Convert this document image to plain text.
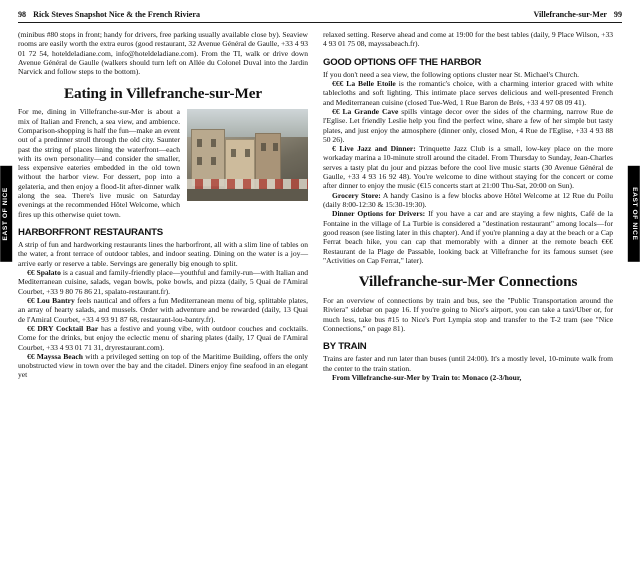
98 Rick Steves Snapshot Nice & the French Riviera	Villefranche-sur-Mer 99
EAST OF NICE	EAST OF NICE

(minibus #80 stops in front; handy for drivers, free parking usually available close by). Seaview rooms are easily worth the extra euros (good restaurant, 32 Avenue Général de Gaulle, +33 4 93 01 72 54, hoteldeladiane.com, info@hoteldeladiane.com). From the TI, walk or drive down Avenue Général de Gaulle (walkers should turn left on Allée du Colonel Duval into the Jardin Narvick and follow steps to the bottom).

Eating in Villefranche-sur-Mer

For me, dining in Villefranche-sur-Mer is about a mix of Italian and French, a sea view, and ambience. Comparison-shopping is half the fun—make an event out of a predinner stroll through the old city. Saunter past the string of places lining the waterfront—each with its own personality—and consider the smaller, less expensive eateries embedded in the old town without the harbor view. For dessert, pop into a gelateria, and then enjoy a flood-lit after-dinner walk along the sea. There's live music on Saturday evenings at the recommended Hôtel Welcome, which fires up this otherwise quiet town.

HARBORFRONT RESTAURANTS

A strip of fun and hardworking restaurants lines the harborfront, all with a slim line of tables on the water, a front terrace of outdoor tables, and indoor seating. Dining on the water is a joy—arrive early or reserve a table. Servings are generally big enough to split.

€€ Spalato is a casual and family-friendly place—youthful and family-run—with Italian and Mediterranean cuisine, salads, vegan bowls, poke bowls, and pizza (daily, 5 Quai de l'Amiral Courbet, +33 9 80 76 86 21, spalato-restaurant.fr).

€€ Lou Bantry feels nautical and offers a fun Mediterranean menu of big, splittable plates, an array of hearty salads, and mussels. Order with adventure and be rewarded (daily, 13 Quai de l'Amiral Courbet, +33 4 93 91 87 68, restaurant-lou-bantry.fr).

€€ DRY Cocktail Bar has a festive and young vibe, with outdoor couches and cocktails. Come for the drinks, but enjoy the eclectic menu of sharing plates (daily, 17 Quai de l'Amiral Courbet, +33 4 93 01 71 31, dryrestaurant.com).

€€ Mayssa Beach with a privileged setting on top of the Maritime Building, offers the only unobstructed view in town over the bay and the citadel. Diners enjoy fine seafood in an elegant yet

relaxed setting. Reserve ahead and come at 19:00 for the best tables (daily, 9 Place Wilson, +33 4 93 01 75 08, mayssabeach.fr).

GOOD OPTIONS OFF THE HARBOR

If you don't need a sea view, the following options cluster near St. Michael's Church.

€€€ La Belle Etoile is the romantic's choice, with a charming interior graced with white tablecloths and soft lighting. This intimate place serves delicious and well-presented French and Mediterranean cuisine (closed Tue-Wed, 1 Rue Baron de Brès, +33 4 97 08 09 41).

€€ La Grande Cave spills vintage decor over the sides of the charming, narrow Rue de l'Eglise. Let friendly Leslie help you find the perfect wine, share a few of her simple but tasty plates, and just enjoy the atmosphere (dinner only, closed Mon, 4 Rue de l'Eglise, +33 4 93 88 50 26).

€ Live Jazz and Dinner: Trinquette Jazz Club is a small, low-key place on the more workaday marina a 10-minute stroll around the citadel. From Thursday to Sunday, Jean-Charles serves a tasty plat du jour and pizzas before the cool live music starts (30 Avenue Général de Gaulle, +33 4 93 16 92 48). You're welcome to dine without staying for the concert or come after dinner to enjoy the music (€15 concerts start at 21:00 Thu-Sat, 20:00 on Sun).

Grocery Store: A handy Casino is a few blocks above Hôtel Welcome at 12 Rue du Poilu (daily 8:00-12:30 & 15:30-19:30).

Dinner Options for Drivers: If you have a car and are staying a few nights, Café de la Fontaine in the village of La Turbie is considered a "destination restaurant" among locals—for good reason (see listing later in this chapter). And if you're planning a day at the beach or a Cap Ferrat beach hike, you can cap that memorably with a dinner at the remote beach €€€ Restaurant de la Plage de Passable, looking back at Villefranche for its famous sunset (see "Activities on Cap Ferrat," later).

Villefranche-sur-Mer Connections

For an overview of connections by train and bus, see the "Public Transportation around the Riviera" sidebar on page 16. If you're going to Nice's airport, you can take a taxi/Uber or, for much less, take bus #15 to Nice's Port Lympia stop and transfer to the T-2 tram (see "Nice Connections," on page 81).

BY TRAIN

Trains are faster and run later than buses (until 24:00). It's a mostly level, 10-minute walk from the center to the train station.

From Villefranche-sur-Mer by Train to: Monaco (2-3/hour,
